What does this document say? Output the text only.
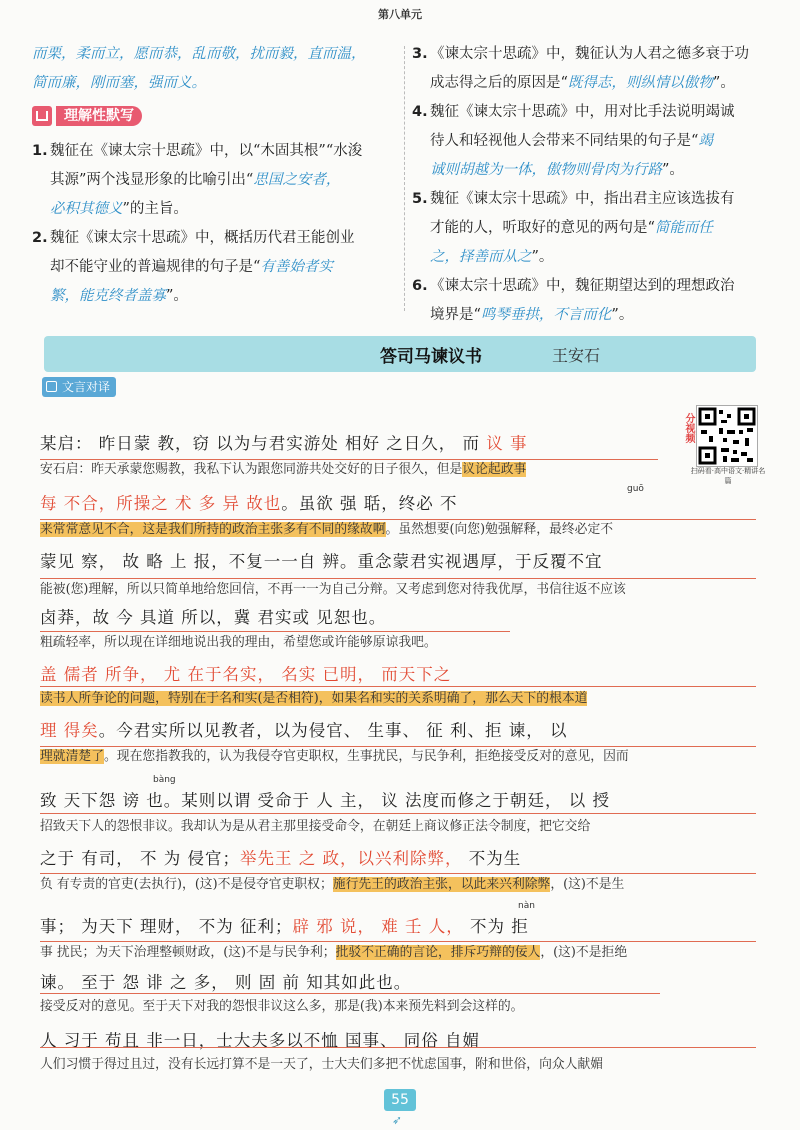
第八单元
而栗，柔而立，愿而恭，乱而敬，扰而毅，直而温，
简而廉，刚而塞，强而义。
理解性默写
1. 魏征在《谏太宗十思疏》中，以“木固其根”“水浚
其源”两个浅显形象的比喻引出“思国之安者，
必积其德义”的主旨。
2. 魏征《谏太宗十思疏》中，概括历代君王能创业
却不能守业的普遍规律的句子是“有善始者实
繁，能克终者盖寡”。
3. 《谏太宗十思疏》中，魏征认为人君之德多衰于功
成志得之后的原因是“既得志，则纵情以傲物”。
4. 魏征《谏太宗十思疏》中，用对比手法说明竭诚
待人和轻视他人会带来不同结果的句子是“竭
诚则胡越为一体，傲物则骨肉为行路”。
5. 魏征《谏太宗十思疏》中，指出君主应该选拔有
才能的人，听取好的意见的两句是“简能而任
之，择善而从之”。
6. 《谏太宗十思疏》中，魏征期望达到的理想政治
境界是“鸣琴垂拱，不言而化”。
答司马谏议书	王安石
文言对译
分视频
扫码看·高中语文·精讲名篇
guō
bàng
nàn
某启： 昨日蒙 教，窃 以为与君实游处 相好 之日久， 而 议 事
安石启：昨天承蒙您赐教，我私下认为跟您同游共处交好的日子很久，但是议论起政事
每 不合，所操之 术 多 异 故也。虽欲 强 聒，终必 不
来常常意见不合，这是我们所持的政治主张多有不同的缘故啊。虽然想要(向您)勉强解释，最终必定不
蒙见 察， 故 略 上 报，不复一一自 辨。重念蒙君实视遇厚，于反覆不宜
能被(您)理解，所以只简单地给您回信，不再一一为自己分辩。又考虑到您对待我优厚，书信往返不应该
卤莽，故 今 具道 所以，冀 君实或 见恕也。
粗疏轻率，所以现在详细地说出我的理由，希望您或许能够原谅我吧。
盖 儒者 所争， 尤 在于名实， 名实 已明， 而天下之
读书人所争论的问题，特别在于名和实(是否相符)，如果名和实的关系明确了，那么天下的根本道
理 得矣。今君实所以见教者，以为侵官、 生事、 征 利、拒 谏， 以
理就清楚了。现在您指教我的，认为我侵夺官吏职权，生事扰民，与民争利，拒绝接受反对的意见，因而
致 天下怨 谤 也。某则以谓 受命于 人 主， 议 法度而修之于朝廷， 以 授
招致天下人的怨恨非议。我却认为是从君主那里接受命令，在朝廷上商议修正法令制度，把它交给
之于 有司， 不 为 侵官；举先王 之 政，以兴利除弊， 不为生
负 有专责的官吏(去执行)，(这)不是侵夺官吏职权；施行先王的政治主张，以此来兴利除弊，(这)不是生
事； 为天下 理财， 不为 征利；辟 邪 说， 难 壬 人， 不为 拒
事 扰民；为天下治理整顿财政，(这)不是与民争利；批驳不正确的言论，排斥巧辩的佞人，(这)不是拒绝
谏。 至于 怨 诽 之 多， 则 固 前 知其如此也。
接受反对的意见。至于天下对我的怨恨非议这么多，那是(我)本来预先料到会这样的。
人 习于 苟且 非一日，士大夫多以不恤 国事、 同俗 自媚
人们习惯于得过且过，没有长远打算不是一天了，士大夫们多把不忧虑国事，附和世俗，向众人献媚
55
➶
